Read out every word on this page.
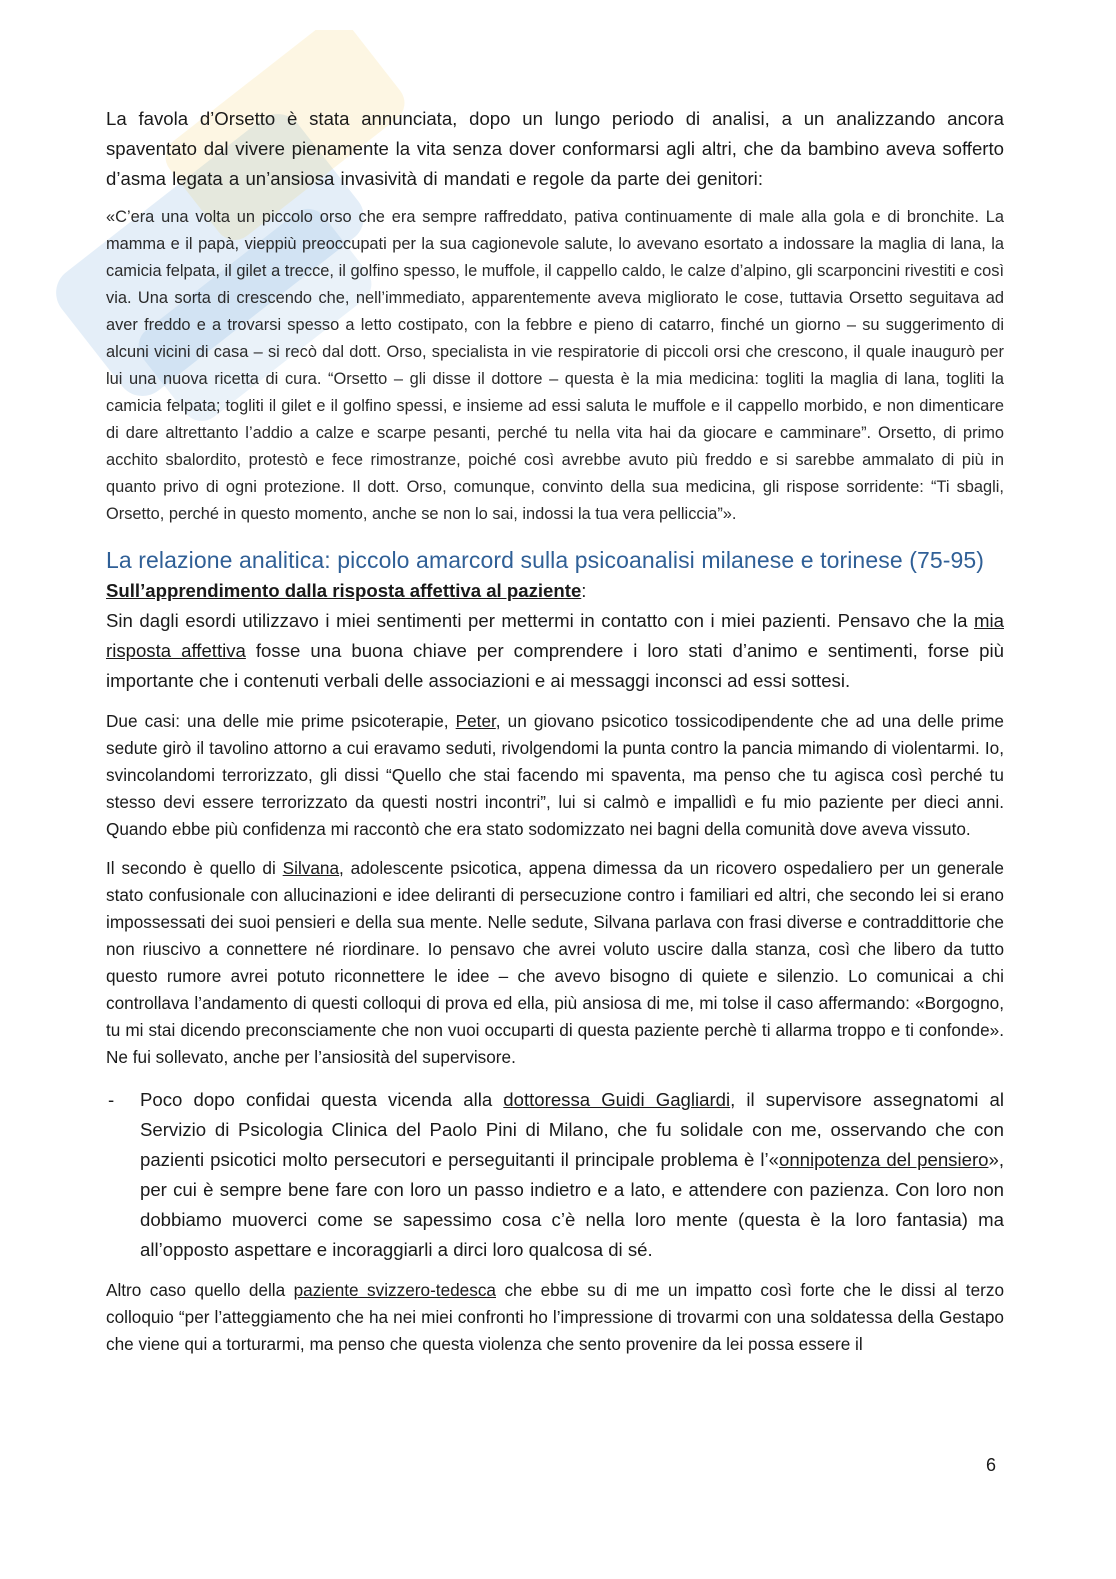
La favola d’Orsetto è stata annunciata, dopo un lungo periodo di analisi, a un analizzando ancora spaventato dal vivere pienamente la vita senza dover conformarsi agli altri, che da bambino aveva sofferto d’asma legata a un’ansiosa invasività di mandati e regole da parte dei genitori:

«C’era una volta un piccolo orso che era sempre raffreddato, pativa continuamente di male alla gola e di bronchite. La mamma e il papà, vieppiù preoccupati per la sua cagionevole salute, lo avevano esortato a indossare la maglia di lana, la camicia felpata, il gilet a trecce, il golfino spesso, le muffole, il cappello caldo, le calze d’alpino, gli scarponcini rivestiti e così via. Una sorta di crescendo che, nell’immediato, apparentemente aveva migliorato le cose, tuttavia Orsetto seguitava ad aver freddo e a trovarsi spesso a letto costipato, con la febbre e pieno di catarro, finché un giorno – su suggerimento di alcuni vicini di casa – si recò dal dott. Orso, specialista in vie respiratorie di piccoli orsi che crescono, il quale inaugurò per lui una nuova ricetta di cura. “Orsetto – gli disse il dottore – questa è la mia medicina: togliti la maglia di lana, togliti la camicia felpata; togliti il gilet e il golfino spessi, e insieme ad essi saluta le muffole e il cappello morbido, e non dimenticare di dare altrettanto l’addio a calze e scarpe pesanti, perché tu nella vita hai da giocare e camminare”. Orsetto, di primo acchito sbalordito, protestò e fece rimostranze, poiché così avrebbe avuto più freddo e si sarebbe ammalato di più in quanto privo di ogni protezione. Il dott. Orso, comunque, convinto della sua medicina, gli rispose sorridente: “Ti sbagli, Orsetto, perché in questo momento, anche se non lo sai, indossi la tua vera pelliccia”».

La relazione analitica: piccolo amarcord sulla psicoanalisi milanese e torinese (75-95)

Sull’apprendimento dalla risposta affettiva al paziente:

Sin dagli esordi utilizzavo i miei sentimenti per mettermi in contatto con i miei pazienti. Pensavo che la mia risposta affettiva fosse una buona chiave per comprendere i loro stati d’animo e sentimenti, forse più importante che i contenuti verbali delle associazioni e ai messaggi inconsci ad essi sottesi.

Due casi: una delle mie prime psicoterapie, Peter, un giovano psicotico tossicodipendente che ad una delle prime sedute girò il tavolino attorno a cui eravamo seduti, rivolgendomi la punta contro la pancia mimando di violentarmi. Io, svincolandomi terrorizzato, gli dissi “Quello che stai facendo mi spaventa, ma penso che tu agisca così perché tu stesso devi essere terrorizzato da questi nostri incontri”, lui si calmò e impallidì e fu mio paziente per dieci anni. Quando ebbe più confidenza mi raccontò che era stato sodomizzato nei bagni della comunità dove aveva vissuto.

Il secondo è quello di Silvana, adolescente psicotica, appena dimessa da un ricovero ospedaliero per un generale stato confusionale con allucinazioni e idee deliranti di persecuzione contro i familiari ed altri, che secondo lei si erano impossessati dei suoi pensieri e della sua mente. Nelle sedute, Silvana parlava con frasi diverse e contraddittorie che non riuscivo a connettere né riordinare. Io pensavo che avrei voluto uscire dalla stanza, così che libero da tutto questo rumore avrei potuto riconnettere le idee – che avevo bisogno di quiete e silenzio. Lo comunicai a chi controllava l’andamento di questi colloqui di prova ed ella, più ansiosa di me, mi tolse il caso affermando: «Borgogno, tu mi stai dicendo preconsciamente che non vuoi occuparti di questa paziente perchè ti allarma troppo e ti confonde». Ne fui sollevato, anche per l’ansiosità del supervisore.

- Poco dopo confidai questa vicenda alla dottoressa Guidi Gagliardi, il supervisore assegnatomi al Servizio di Psicologia Clinica del Paolo Pini di Milano, che fu solidale con me, osservando che con pazienti psicotici molto persecutori e perseguitanti il principale problema è l’«onnipotenza del pensiero», per cui è sempre bene fare con loro un passo indietro e a lato, e attendere con pazienza. Con loro non dobbiamo muoverci come se sapessimo cosa c’è nella loro mente (questa è la loro fantasia) ma all’opposto aspettare e incoraggiarli a dirci loro qualcosa di sé.

Altro caso quello della paziente svizzero-tedesca che ebbe su di me un impatto così forte che le dissi al terzo colloquio “per l’atteggiamento che ha nei miei confronti ho l’impressione di trovarmi con una soldatessa della Gestapo che viene qui a torturarmi, ma penso che questa violenza che sento provenire da lei possa essere il

6
